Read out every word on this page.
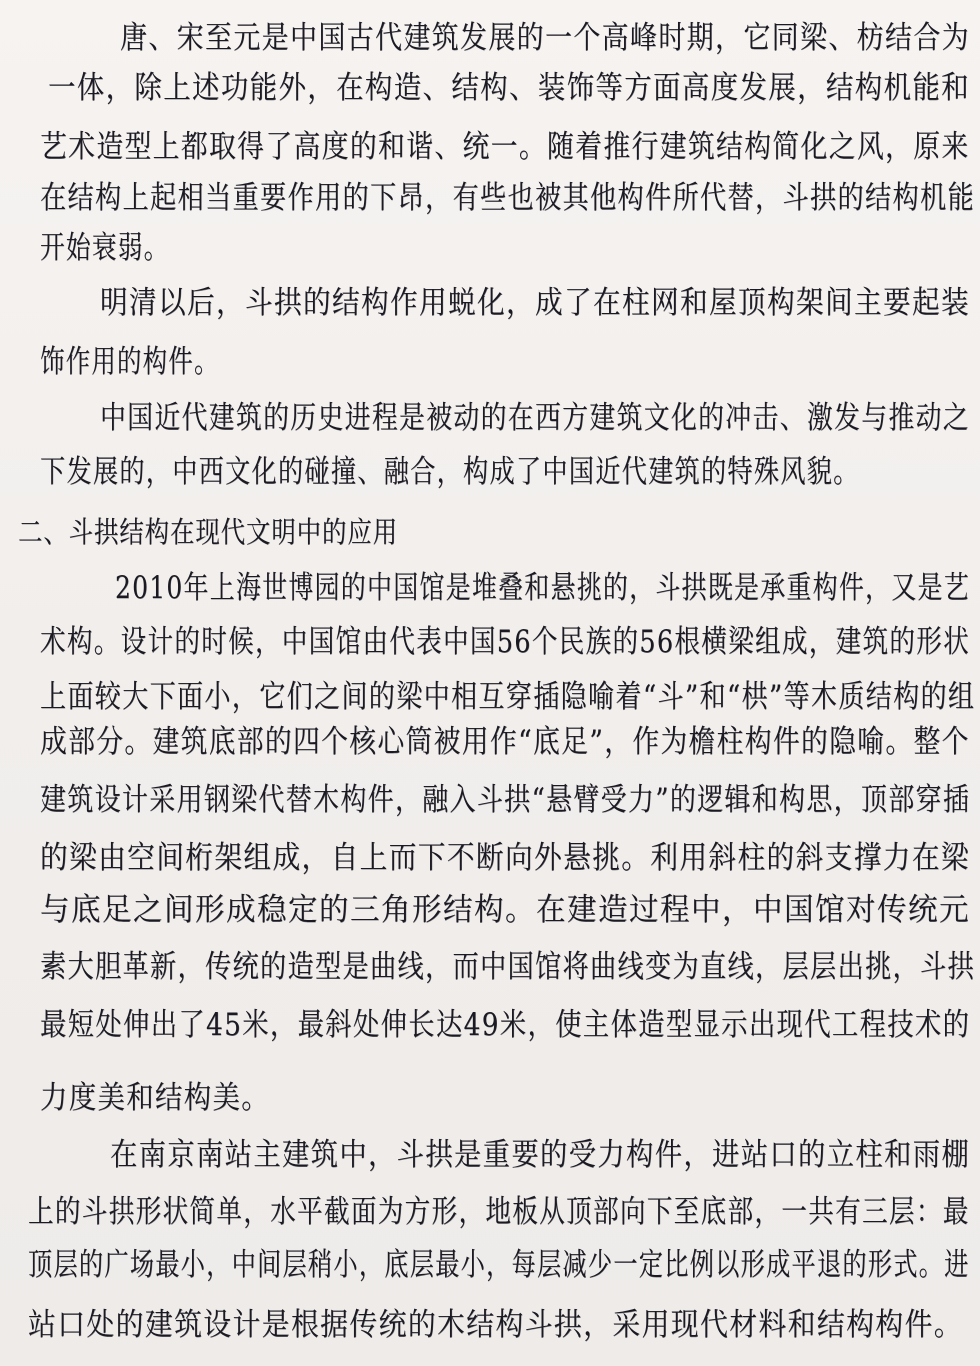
唐、宋至元是中国古代建筑发展的一个高峰时期，它同梁、枋结合为
一体，除上述功能外，在构造、结构、装饰等方面高度发展，结构机能和
艺术造型上都取得了高度的和谐、统一。随着推行建筑结构简化之风，原来
在结构上起相当重要作用的下昂，有些也被其他构件所代替，斗拱的结构机能
开始衰弱。
明清以后，斗拱的结构作用蜕化，成了在柱网和屋顶构架间主要起装
饰作用的构件。
中国近代建筑的历史进程是被动的在西方建筑文化的冲击、激发与推动之
下发展的，中西文化的碰撞、融合，构成了中国近代建筑的特殊风貌。
二、斗拱结构在现代文明中的应用
2010年上海世博园的中国馆是堆叠和悬挑的，斗拱既是承重构件，又是艺
术构。设计的时候，中国馆由代表中国56个民族的56根横梁组成，建筑的形状
上面较大下面小，它们之间的梁中相互穿插隐喻着“斗”和“栱”等木质结构的组
成部分。建筑底部的四个核心筒被用作“底足”，作为檐柱构件的隐喻。整个
建筑设计采用钢梁代替木构件，融入斗拱“悬臂受力”的逻辑和构思，顶部穿插
的梁由空间桁架组成，自上而下不断向外悬挑。利用斜柱的斜支撑力在梁
与底足之间形成稳定的三角形结构。在建造过程中，中国馆对传统元
素大胆革新，传统的造型是曲线，而中国馆将曲线变为直线，层层出挑，斗拱
最短处伸出了45米，最斜处伸长达49米，使主体造型显示出现代工程技术的
力度美和结构美。
在南京南站主建筑中，斗拱是重要的受力构件，进站口的立柱和雨棚
上的斗拱形状简单，水平截面为方形，地板从顶部向下至底部，一共有三层：最
顶层的广场最小，中间层稍小，底层最小，每层减少一定比例以形成平退的形式。进
站口处的建筑设计是根据传统的木结构斗拱，采用现代材料和结构构件。
